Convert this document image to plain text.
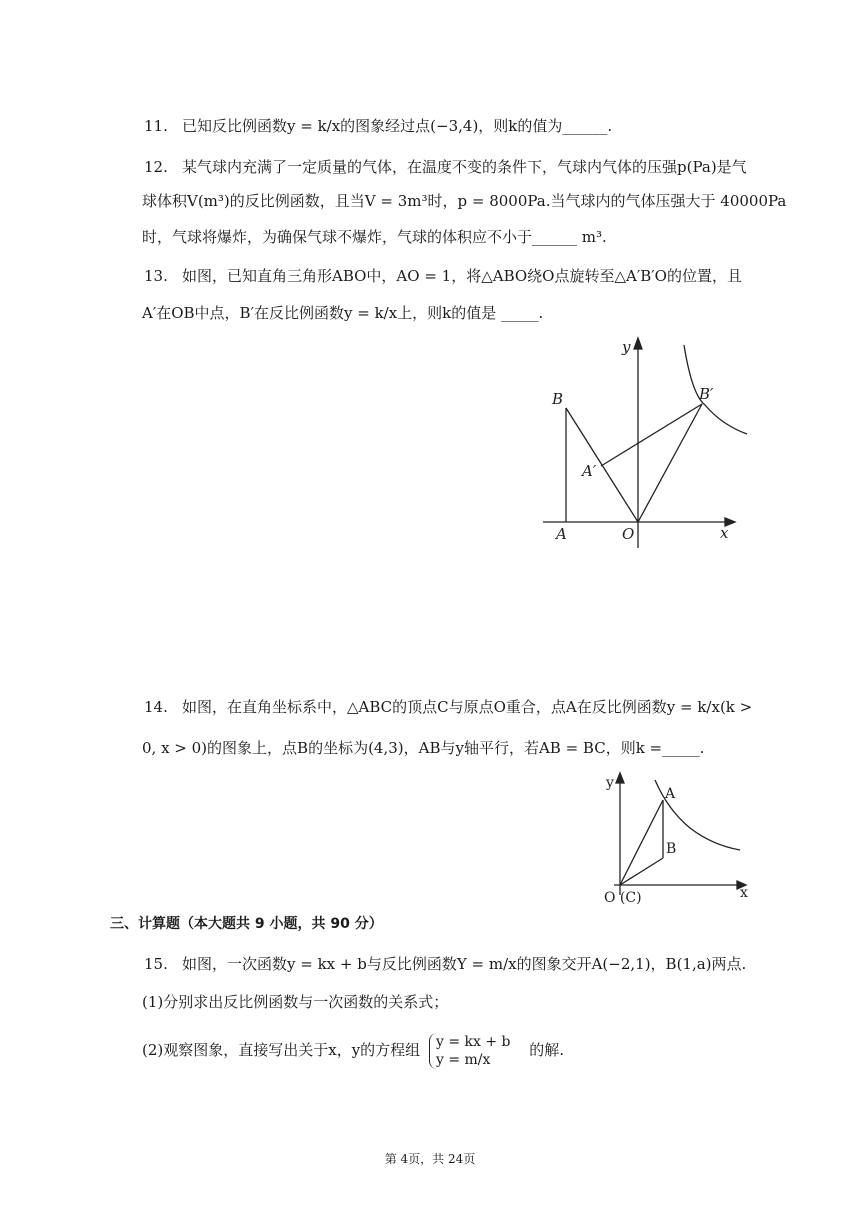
11. 已知反比例函数y = k/x的图象经过点(−3,4)，则k的值为______.
12. 某气球内充满了一定质量的气体，在温度不变的条件下，气球内气体的压强p(Pa)是气
球体积V(m³)的反比例函数，且当V = 3m³时，p = 8000Pa.当气球内的气体压强大于 40000Pa
时，气球将爆炸，为确保气球不爆炸，气球的体积应不小于______ m³.
13. 如图，已知直角三角形ABO中，AO = 1，将△ABO绕O点旋转至△A′B′O的位置，且
A′在OB中点，B′在反比例函数y = k/x上，则k的值是 _____.
y
x
B	B′
A′
A	O
14. 如图，在直角坐标系中，△ABC的顶点C与原点O重合，点A在反比例函数y = k/x(k >
0, x > 0)的图象上，点B的坐标为(4,3)，AB与y轴平行，若AB = BC，则k =_____.
y
x
A
B
O (C)
三、计算题（本大题共 9 小题，共 90 分）
15. 如图，一次函数y = kx + b与反比例函数Y = m/x的图象交开A(−2,1)，B(1,a)两点.
(1)分别求出反比例函数与一次函数的关系式；
(2)观察图象，直接写出关于x，y的方程组 y = kx + b
y = m/x
的解.
第 4页，共 24页
